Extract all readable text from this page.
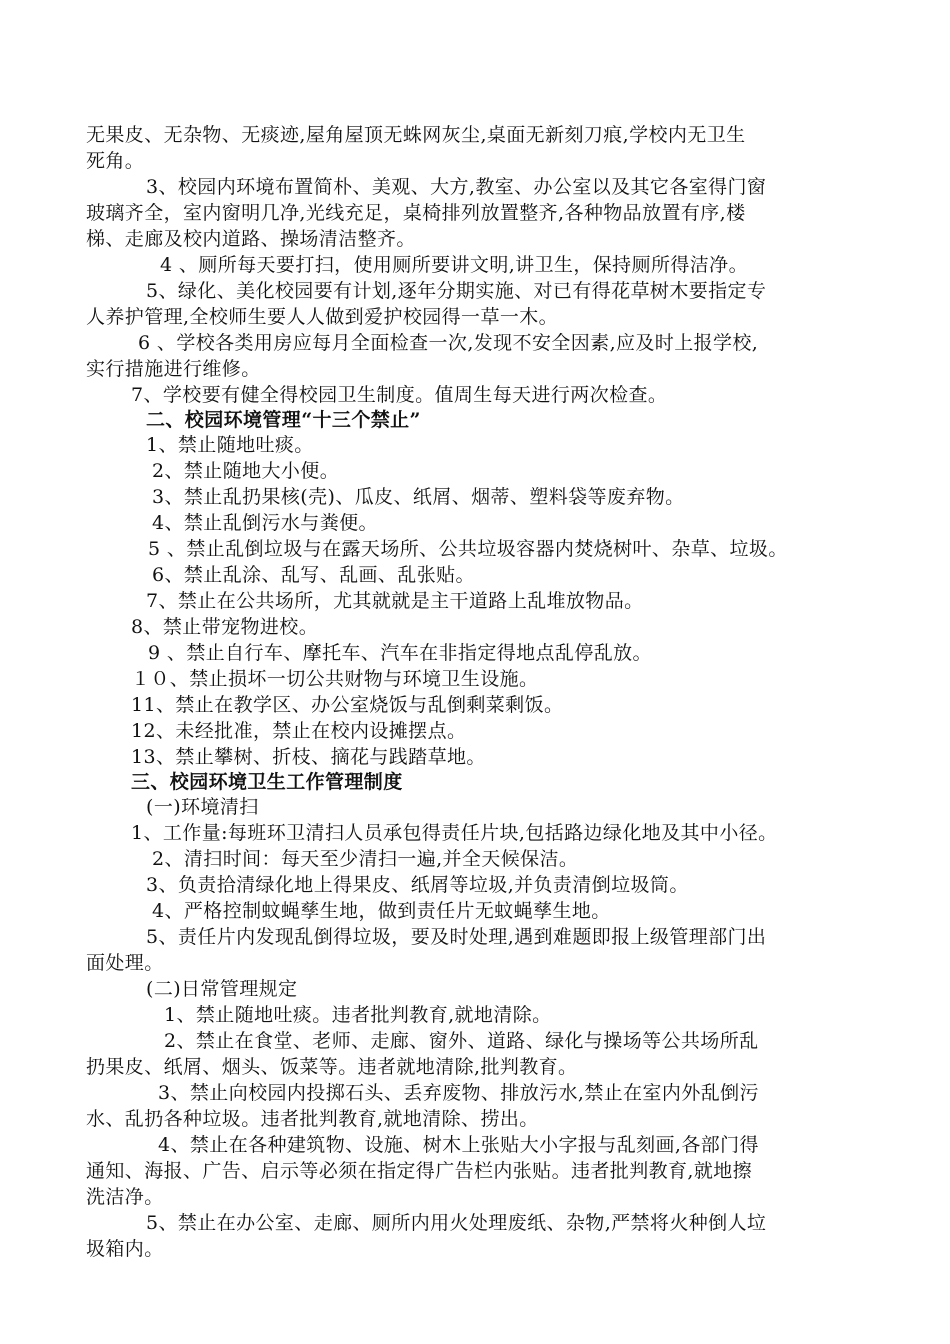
无果皮、无杂物、无痰迹,屋角屋顶无蛛网灰尘,桌面无新刻刀痕,学校内无卫生
死角。
3、校园内环境布置简朴、美观、大方,教室、办公室以及其它各室得门窗
玻璃齐全，室内窗明几净,光线充足，桌椅排列放置整齐,各种物品放置有序,楼
梯、走廊及校内道路、操场清洁整齐。
4 、厕所每天要打扫，使用厕所要讲文明,讲卫生，保持厕所得洁净。
5、绿化、美化校园要有计划,逐年分期实施、对已有得花草树木要指定专
人养护管理,全校师生要人人做到爱护校园得一草一木。
6 、学校各类用房应每月全面检查一次,发现不安全因素,应及时上报学校,
实行措施进行维修。
7、学校要有健全得校园卫生制度。值周生每天进行两次检查。
二、校园环境管理“十三个禁止”
1、禁止随地吐痰。
2、禁止随地大小便。
3、禁止乱扔果核(壳)、瓜皮、纸屑、烟蒂、塑料袋等废弃物。
4、禁止乱倒污水与粪便。
5 、禁止乱倒垃圾与在露天场所、公共垃圾容器内焚烧树叶、杂草、垃圾。
6、禁止乱涂、乱写、乱画、乱张贴。
7、禁止在公共场所，尤其就就是主干道路上乱堆放物品。
8、禁止带宠物进校。
9 、禁止自行车、摩托车、汽车在非指定得地点乱停乱放。
１０、禁止损坏一切公共财物与环境卫生设施。
11、禁止在教学区、办公室烧饭与乱倒剩菜剩饭。
12、未经批准，禁止在校内设摊摆点。
13、禁止攀树、折枝、摘花与践踏草地。
三、校园环境卫生工作管理制度
(一)环境清扫
1、工作量:每班环卫清扫人员承包得责任片块,包括路边绿化地及其中小径。
2、清扫时间：每天至少清扫一遍,并全天候保洁。
3、负责拾清绿化地上得果皮、纸屑等垃圾,并负责清倒垃圾筒。
4、严格控制蚊蝇孳生地，做到责任片无蚊蝇孳生地。
5、责任片内发现乱倒得垃圾，要及时处理,遇到难题即报上级管理部门出
面处理。
(二)日常管理规定
1、禁止随地吐痰。违者批判教育,就地清除。
2、禁止在食堂、老师、走廊、窗外、道路、绿化与操场等公共场所乱
扔果皮、纸屑、烟头、饭菜等。违者就地清除,批判教育。
3、禁止向校园内投掷石头、丢弃废物、排放污水,禁止在室内外乱倒污
水、乱扔各种垃圾。违者批判教育,就地清除、捞出。
4、禁止在各种建筑物、设施、树木上张贴大小字报与乱刻画,各部门得
通知、海报、广告、启示等必须在指定得广告栏内张贴。违者批判教育,就地擦
洗洁净。
5、禁止在办公室、走廊、厕所内用火处理废纸、杂物,严禁将火种倒人垃
圾箱内。
